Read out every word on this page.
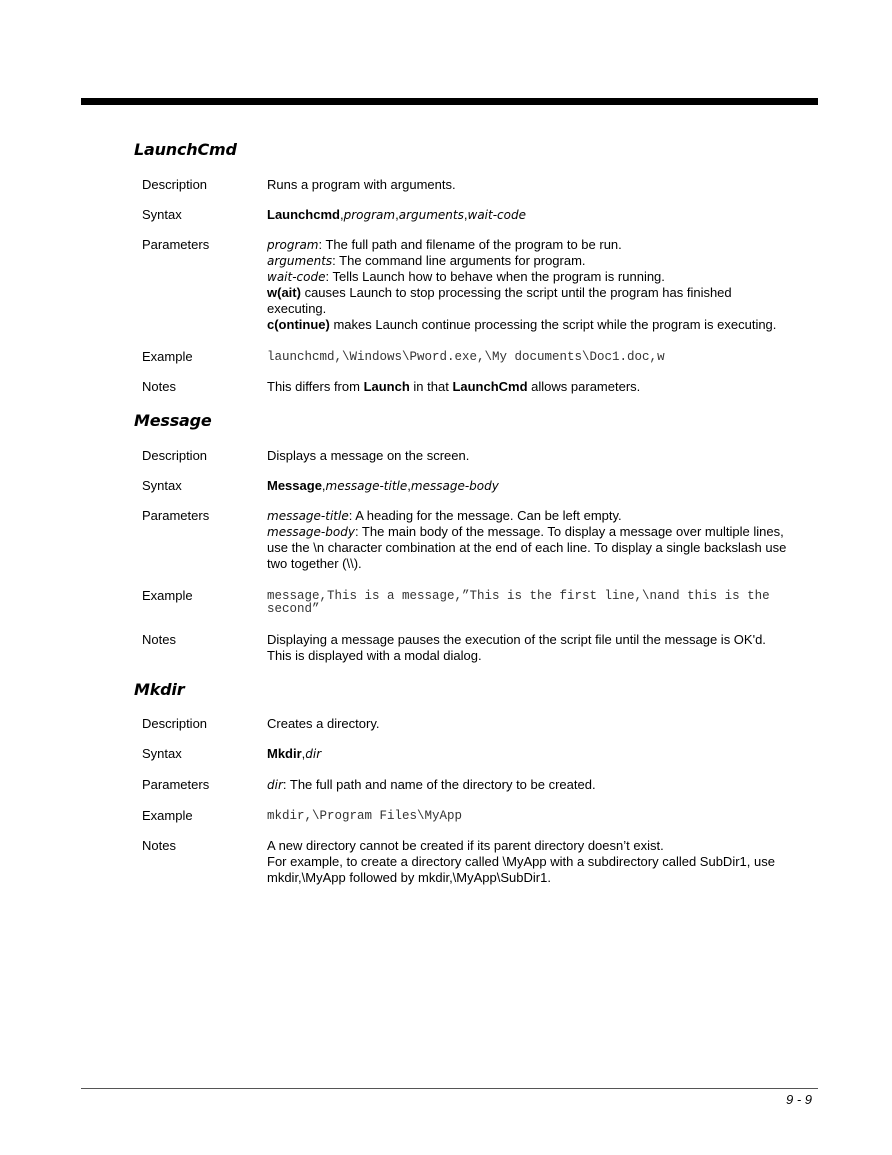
LaunchCmd
Description	Runs a program with arguments.
Syntax	Launchcmd,program,arguments,wait-code
Parameters	program: The full path and filename of the program to be run.
arguments: The command line arguments for program.
wait-code: Tells Launch how to behave when the program is running.
w(ait) causes Launch to stop processing the script until the program has finished executing.
c(ontinue) makes Launch continue processing the script while the program is executing.
Example	launchcmd,\Windows\Pword.exe,\My documents\Doc1.doc,w
Notes	This differs from Launch in that LaunchCmd allows parameters.
Message
Description	Displays a message on the screen.
Syntax	Message,message-title,message-body
Parameters	message-title: A heading for the message. Can be left empty.
message-body: The main body of the message. To display a message over multiple lines, use the \n character combination at the end of each line. To display a single backslash use two together (\\).
Example	message,This is a message,”This is the first line,\nand this is the second”
Notes	Displaying a message pauses the execution of the script file until the message is OK'd.
This is displayed with a modal dialog.
Mkdir
Description	Creates a directory.
Syntax	Mkdir,dir
Parameters	dir: The full path and name of the directory to be created.
Example	mkdir,\Program Files\MyApp
Notes	A new directory cannot be created if its parent directory doesn’t exist.
For example, to create a directory called \MyApp with a subdirectory called SubDir1, use mkdir,\MyApp followed by mkdir,\MyApp\SubDir1.
9 - 9
